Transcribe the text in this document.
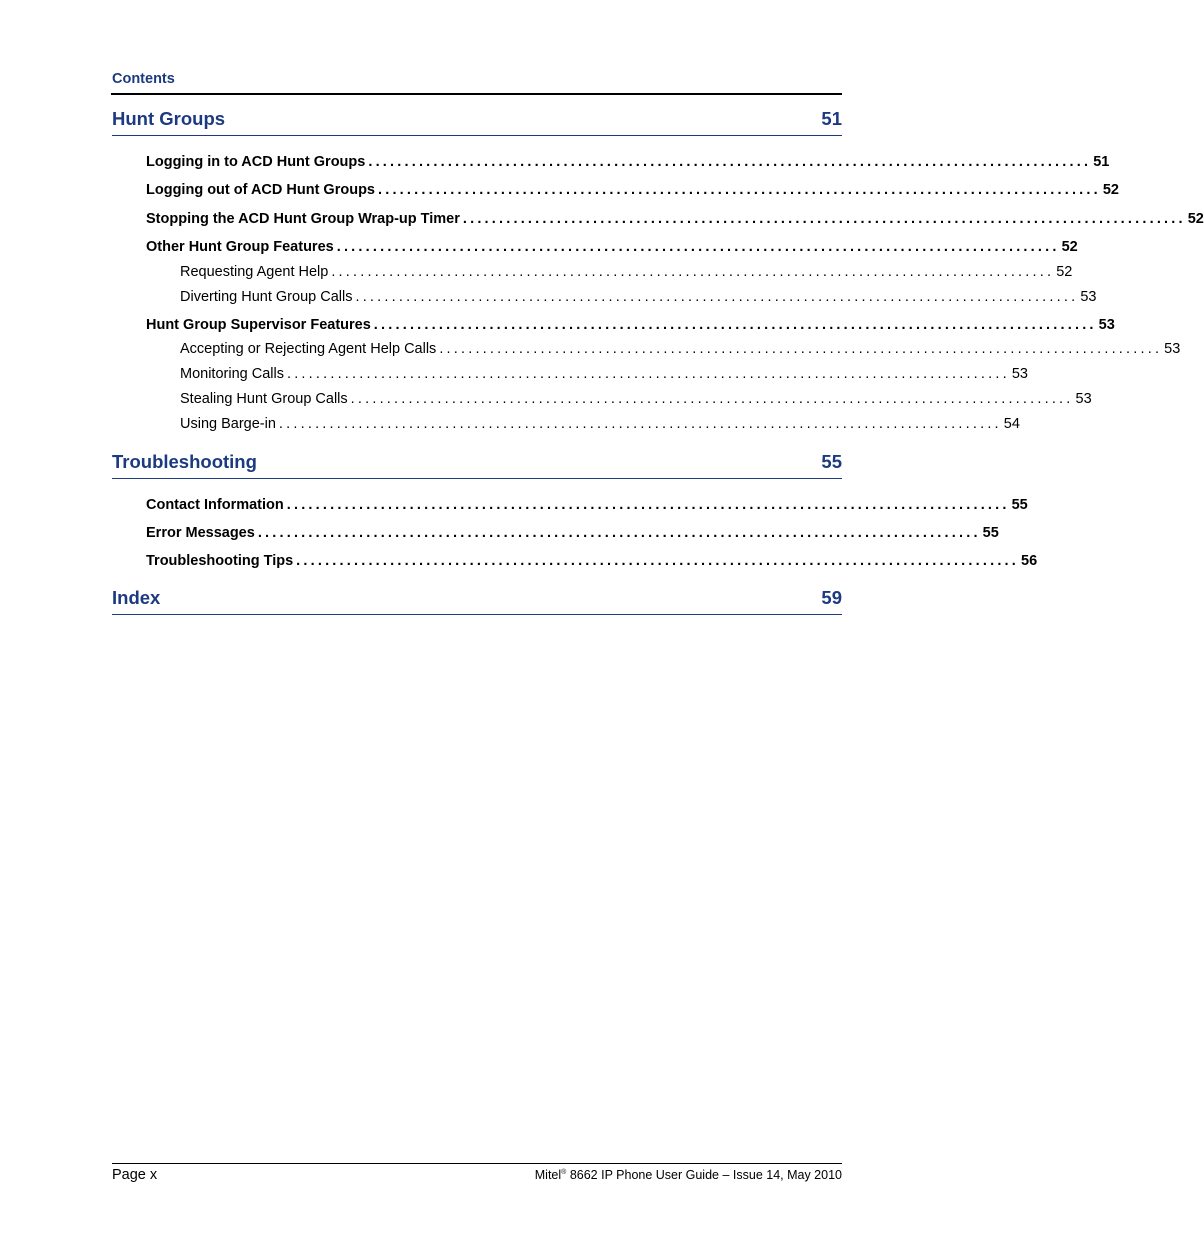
Contents
Hunt Groups	51
Logging in to ACD Hunt Groups .................................................................................................... 51
Logging out of ACD Hunt Groups .................................................................................................... 52
Stopping the ACD Hunt Group Wrap-up Timer .................................................................................................... 52
Other Hunt Group Features .................................................................................................... 52
Requesting Agent Help .................................................................................................... 52
Diverting Hunt Group Calls .................................................................................................... 53
Hunt Group Supervisor Features .................................................................................................... 53
Accepting or Rejecting Agent Help Calls .................................................................................................... 53
Monitoring Calls .................................................................................................... 53
Stealing Hunt Group Calls .................................................................................................... 53
Using Barge-in .................................................................................................... 54
Troubleshooting	55
Contact Information .................................................................................................... 55
Error Messages .................................................................................................... 55
Troubleshooting Tips .................................................................................................... 56
Index	59
Page x	Mitel® 8662 IP Phone User Guide – Issue 14, May 2010
